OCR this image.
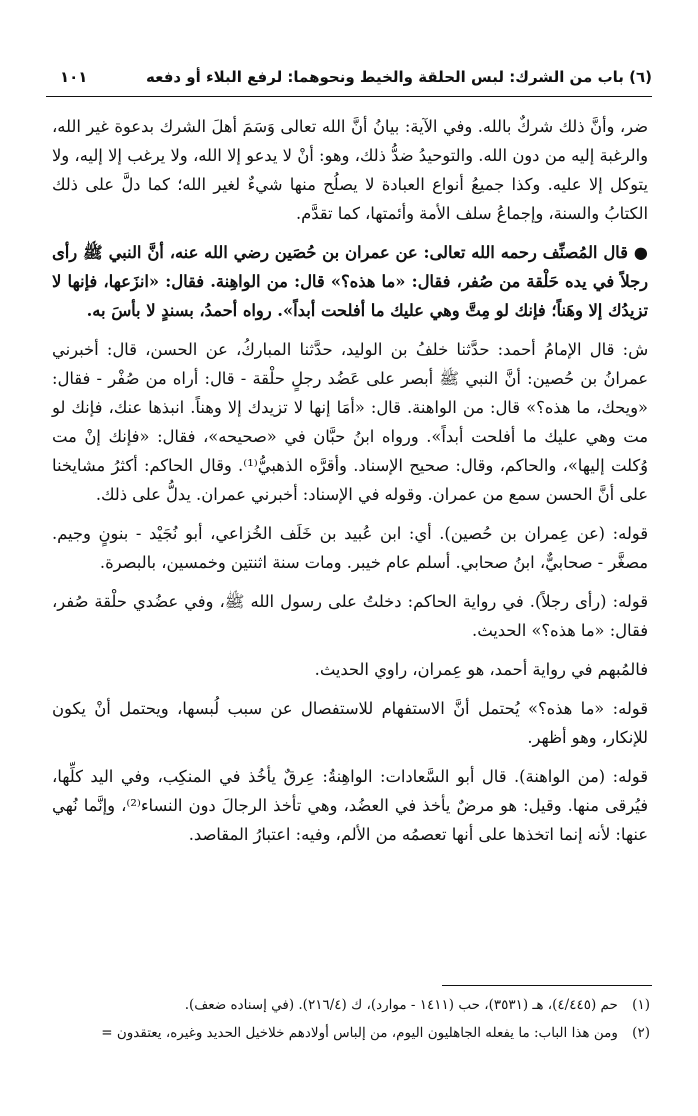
(٦) باب من الشرك: لبس الحلقة والخيط ونحوهما: لرفع البلاء أو دفعه
١٠١

ضر، وأنَّ ذلك شركٌ بالله. وفي الآية: بيانُ أنَّ الله تعالى وَسَمَ أهلَ الشرك بدعوة غير الله، والرغبة إليه من دون الله. والتوحيدُ ضدُّ ذلك، وهو: أنْ لا يدعو إلا الله، ولا يرغب إلا إليه، ولا يتوكل إلا عليه. وكذا جميعُ أنواع العبادة لا يصلُح منها شيءٌ لغير الله؛ كما دلَّ على ذلك الكتابُ والسنة، وإجماعُ سلف الأمة وأئمتها، كما تقدَّم.

● قال المُصنِّف رحمه الله تعالى: عن عمران بن حُصَين رضي الله عنه، أنَّ النبي ﷺ رأى رجلاً في يده حَلْقة من صُفر، فقال: «ما هذه؟» قال: من الواهِنة. فقال: «انزَعها، فإنها لا تزيدُك إلا وهَناً؛ فإنك لو مِتَّ وهي عليك ما أفلحت أبداً». رواه أحمدُ، بسندٍ لا بأسَ به.

ش: قال الإمامُ أحمد: حدَّثنا خلفُ بن الوليد، حدَّثنا المباركُ، عن الحسن، قال: أخبرني عمرانُ بن حُصين: أنَّ النبي ﷺ أبصر على عَضُد رجلٍ حلْقة - قال: أراه من صُفْر - فقال: «ويحك، ما هذه؟» قال: من الواهنة. قال: «أمَا إنها لا تزيدك إلا وهناً. انبذها عنك، فإنك لو مت وهي عليك ما أفلحت أبداً». ورواه ابنُ حبَّان في «صحيحه»، فقال: «فإنك إنْ مت وُكلت إليها»، والحاكم، وقال: صحيح الإسناد. وأقرَّه الذهبيُّ⁽¹⁾. وقال الحاكم: أكثرُ مشايخنا على أنَّ الحسن سمع من عمران. وقوله في الإسناد: أخبرني عمران. يدلُّ على ذلك.

قوله: (عن عِمران بن حُصين). أي: ابن عُبيد بن خَلَف الخُزاعي، أبو نُجَيْد - بنونٍ وجيم. مصغَّر - صحابيٌّ، ابنُ صحابي. أسلم عام خيبر. ومات سنة اثنتين وخمسين، بالبصرة.

قوله: (رأى رجلاً). في رواية الحاكم: دخلتُ على رسول الله ﷺ، وفي عضُدي حلْقة صُفر، فقال: «ما هذه؟» الحديث.

فالمُبهم في رواية أحمد، هو عِمران، راوي الحديث.

قوله: «ما هذه؟» يُحتمل أنَّ الاستفهام للاستفصال عن سبب لُبسها، ويحتمل أنْ يكون للإنكار، وهو أظهر.

قوله: (من الواهنة). قال أبو السَّعادات: الواهِنةُ: عِرقٌ يأخُذ في المنكِب، وفي اليد كلِّها، فيُرقى منها. وقيل: هو مرضٌ يأخذ في العضُد، وهي تأخذ الرجالَ دون النساء⁽²⁾، وإنَّما نُهي عنها: لأنه إنما اتخذها على أنها تعصمُه من الألم، وفيه: اعتبارُ المقاصد.

(١) حم (٤/٤٤٥)، هـ (٣٥٣١)، حب (١٤١١ - موارد)، ك (٢١٦/٤). (في إسناده ضعف).
(٢) ومن هذا الباب: ما يفعله الجاهليون اليوم، من إلباس أولادهم خلاخيل الحديد وغيره، يعتقدون =
